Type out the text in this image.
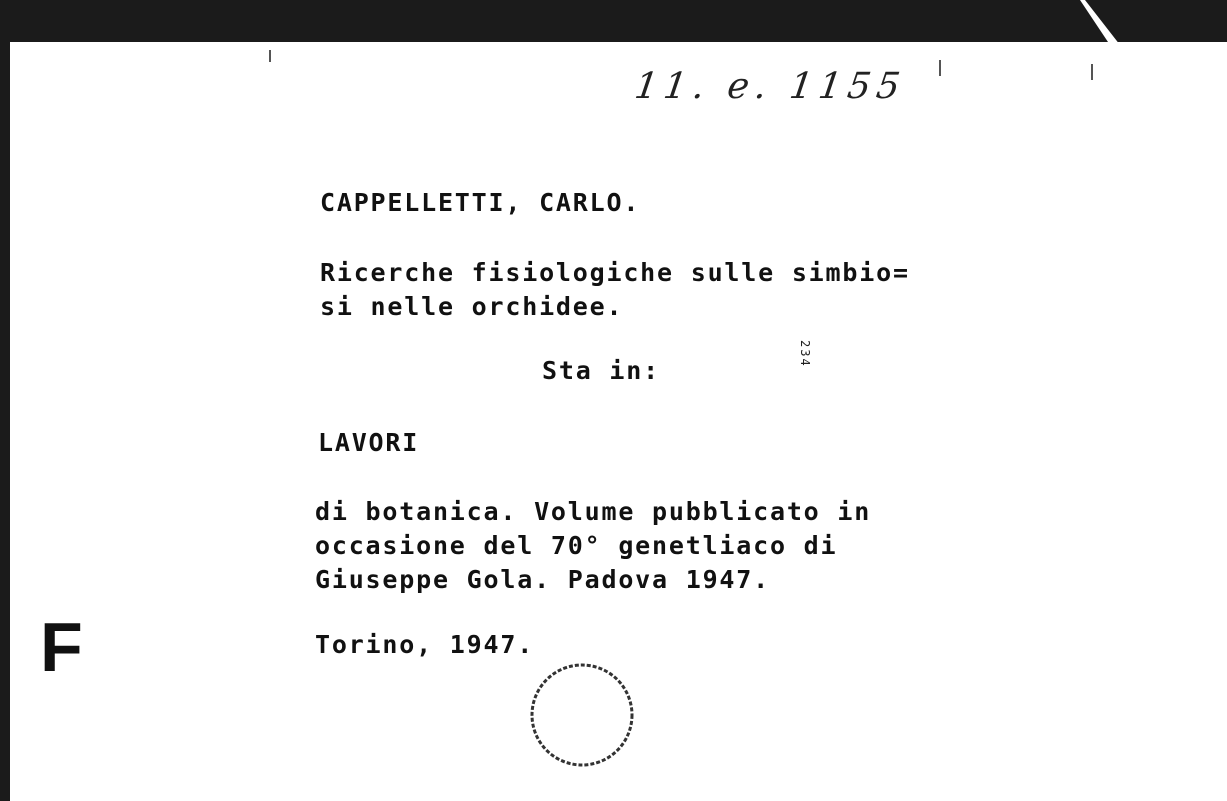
11. e. 1155
CAPPELLETTI, CARLO.
Ricerche fisiologiche sulle simbio=
si nelle orchidee.
Sta in:
234
LAVORI
di botanica. Volume pubblicato in
occasione del 70° genetliaco di
Giuseppe Gola. Padova 1947.
Torino, 1947.
F
